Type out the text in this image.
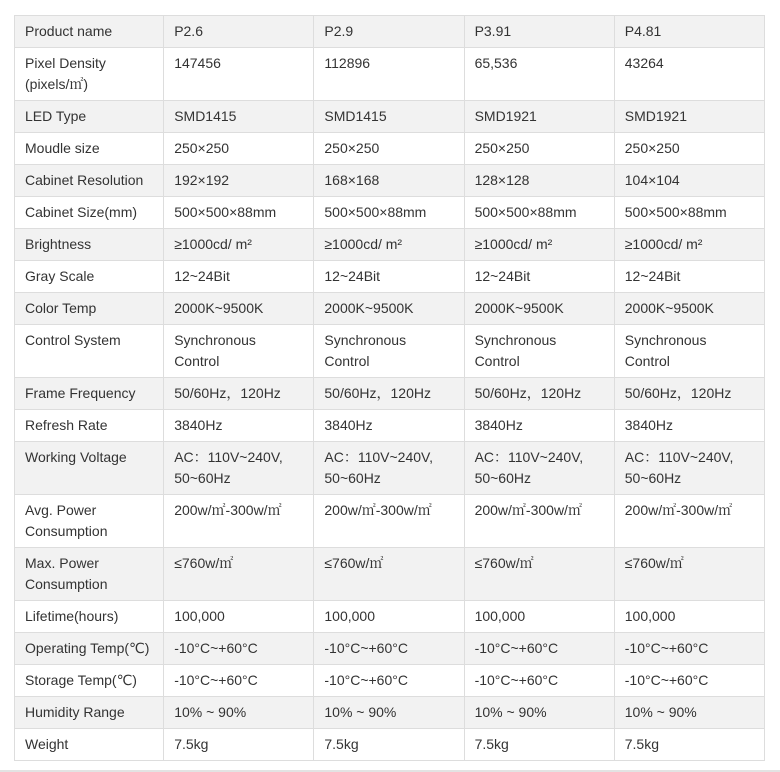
Product name	P2.6	P2.9	P3.91	P4.81
Pixel Density (pixels/㎡)	147456	112896	65,536	43264
LED Type	SMD1415	SMD1415	SMD1921	SMD1921
Moudle size	250×250	250×250	250×250	250×250
Cabinet Resolution	192×192	168×168	128×128	104×104
Cabinet Size(mm)	500×500×88mm	500×500×88mm	500×500×88mm	500×500×88mm
Brightness	≥1000cd/ m²	≥1000cd/ m²	≥1000cd/ m²	≥1000cd/ m²
Gray Scale	12~24Bit	12~24Bit	12~24Bit	12~24Bit
Color Temp	2000K~9500K	2000K~9500K	2000K~9500K	2000K~9500K
Control System	Synchronous Control	Synchronous Control	Synchronous Control	Synchronous Control
Frame Frequency	50/60Hz，120Hz	50/60Hz，120Hz	50/60Hz，120Hz	50/60Hz，120Hz
Refresh Rate	3840Hz	3840Hz	3840Hz	3840Hz
Working Voltage	AC：110V~240V, 50~60Hz	AC：110V~240V, 50~60Hz	AC：110V~240V, 50~60Hz	AC：110V~240V, 50~60Hz
Avg. Power Consumption	200w/㎡-300w/㎡	200w/㎡-300w/㎡	200w/㎡-300w/㎡	200w/㎡-300w/㎡
Max. Power Consumption	≤760w/㎡	≤760w/㎡	≤760w/㎡	≤760w/㎡
Lifetime(hours)	100,000	100,000	100,000	100,000
Operating Temp(℃)	-10°C~+60°C	-10°C~+60°C	-10°C~+60°C	-10°C~+60°C
Storage Temp(℃)	-10°C~+60°C	-10°C~+60°C	-10°C~+60°C	-10°C~+60°C
Humidity Range	10% ~ 90%	10% ~ 90%	10% ~ 90%	10% ~ 90%
Weight	7.5kg	7.5kg	7.5kg	7.5kg
